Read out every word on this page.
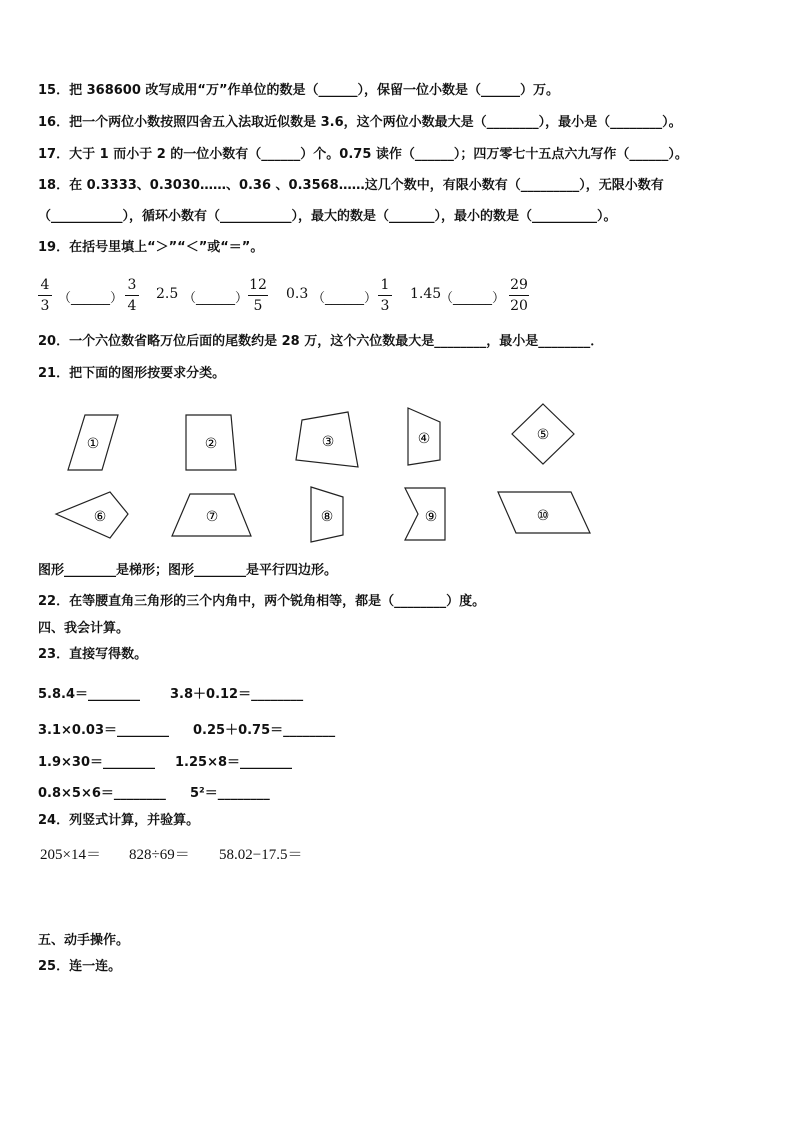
15．把 368600 改写成用“万”作单位的数是（______），保留一位小数是（______）万。
16．把一个两位小数按照四舍五入法取近似数是 3.6，这个两位小数最大是（________），最小是（________）。
17．大于 1 而小于 2 的一位小数有（______）个。0.75 读作（______）；四万零七十五点六九写作（______）。
18．在 0.3333、0.3030……、0.36 、0.3568……这几个数中，有限小数有（_________），无限小数有
（___________），循环小数有（___________），最大的数是（_______），最小的数是（__________）。
19．在括号里填上“＞”“＜”或“＝”。
4
3 （______）
3
4
2.5 （______）
12
5
0.3 （______）
1
3
1.45
（______）
29
20
20．一个六位数省略万位后面的尾数约是 28 万，这个六位数最大是________，最小是________．
21．把下面的图形按要求分类。
①	②	③	④	⑤
⑥	⑦	⑧	⑨	⑩
图形________是梯形；图形________是平行四边形。
22．在等腰直角三角形的三个内角中，两个锐角相等，都是（________）度。
四、我会计算。
23．直接写得数。
5.8.4＝________ 3.8＋0.12＝________
3.1×0.03＝________ 0.25＋0.75＝________
1.9×30＝________ 1.25×8＝________
0.8×5×6＝________ 5²＝________
24．列竖式计算，并验算。
205×14＝ 828÷69＝ 58.02−17.5＝
五、动手操作。
25．连一连。
